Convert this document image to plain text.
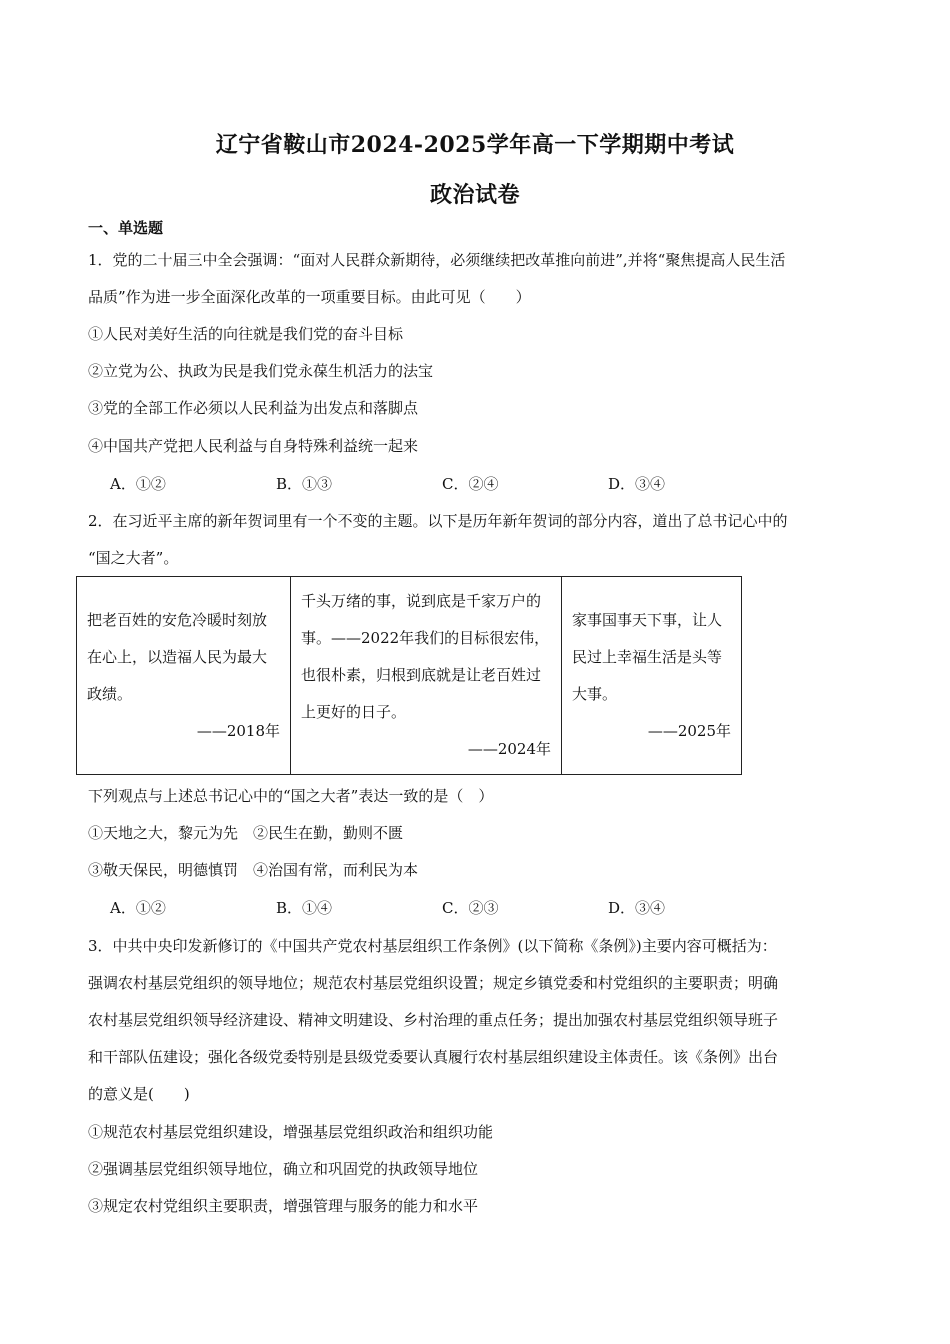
辽宁省鞍山市2024-2025学年高一下学期期中考试
政治试卷
一、单选题
1．党的二十届三中全会强调：“面对人民群众新期待，必须继续把改革推向前进”,并将“聚焦提高人民生活
品质”作为进一步全面深化改革的一项重要目标。由此可见（　　）
①人民对美好生活的向往就是我们党的奋斗目标
②立党为公、执政为民是我们党永葆生机活力的法宝
③党的全部工作必须以人民利益为出发点和落脚点
④中国共产党把人民利益与自身特殊利益统一起来
A．①②	B．①③	C．②④	D．③④
2．在习近平主席的新年贺词里有一个不变的主题。以下是历年新年贺词的部分内容，道出了总书记心中的
“国之大者”。
把老百姓的安危冷暖时刻放在心上，以造福人民为最大政绩。
——2018年
	千头万绪的事，说到底是千家万户的事。——2022年我们的目标很宏伟，也很朴素，归根到底就是让老百姓过上更好的日子。
——2024年
	家事国事天下事，让人民过上幸福生活是头等大事。
——2025年
下列观点与上述总书记心中的“国之大者”表达一致的是（　）
①天地之大，黎元为先　②民生在勤，勤则不匮
③敬天保民，明德慎罚　④治国有常，而利民为本
A．①②	B．①④	C．②③	D．③④
3．中共中央印发新修订的《中国共产党农村基层组织工作条例》(以下简称《条例》)主要内容可概括为：
强调农村基层党组织的领导地位；规范农村基层党组织设置；规定乡镇党委和村党组织的主要职责；明确
农村基层党组织领导经济建设、精神文明建设、乡村治理的重点任务；提出加强农村基层党组织领导班子
和干部队伍建设；强化各级党委特别是县级党委要认真履行农村基层组织建设主体责任。该《条例》出台
的意义是(　　)
①规范农村基层党组织建设，增强基层党组织政治和组织功能
②强调基层党组织领导地位，确立和巩固党的执政领导地位
③规定农村党组织主要职责，增强管理与服务的能力和水平
